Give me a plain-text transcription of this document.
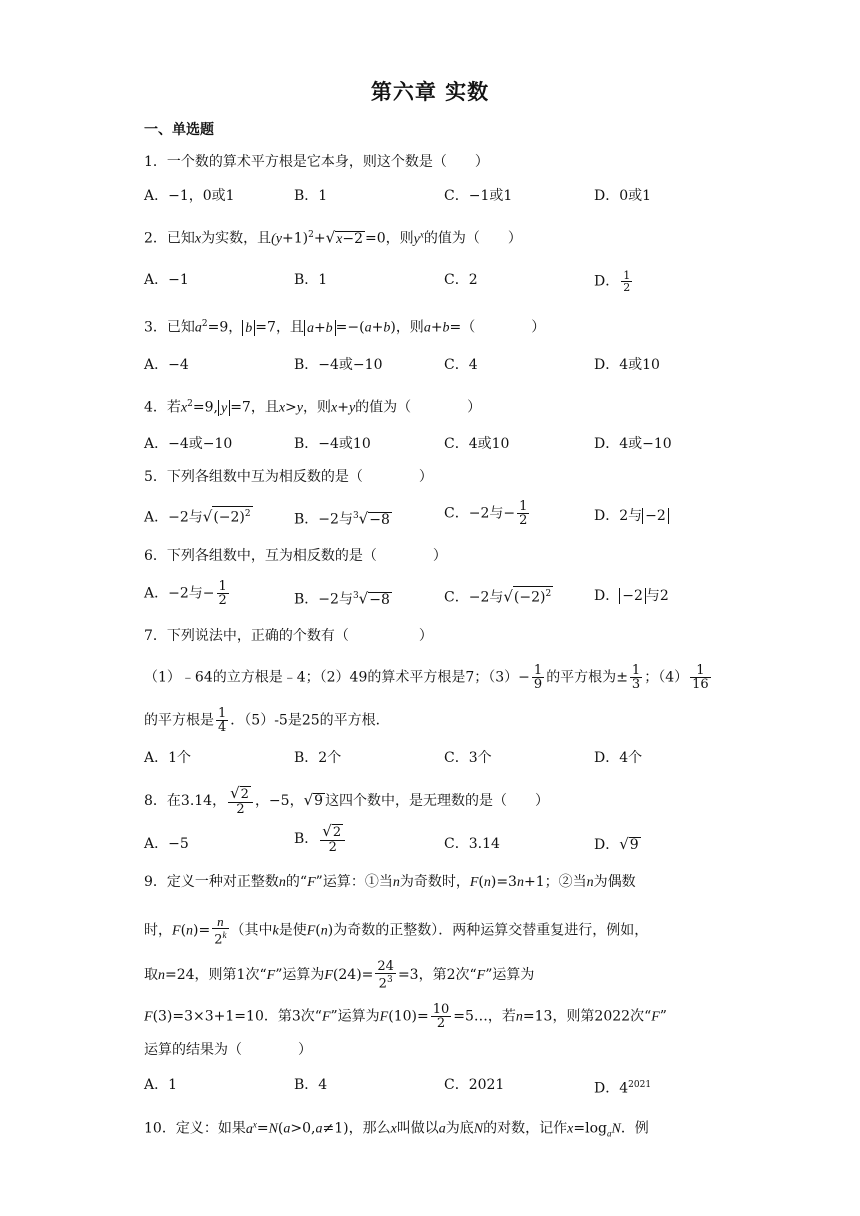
第六章 实数
一、单选题
1．一个数的算术平方根是它本身，则这个数是（　　）
A．−1，0或1	B．1	C．−1或1	D．0或1
2．已知x为实数，且$(y+1)^2+√x-2 =0$，则$y^x$的值为（　　）
A．−1	B．1	C．2	D． $\frac{1}{2}$
3．已知$a^2=9$， b =7，且 a+b =−(a+b)，则a+b=（　　　　）
A．−4	B．−4或−10	C．4	D．4或10
4．若$x^2=9$, y =7，且x>y，则x+y的值为（　　　　）
A．−4或−10	B．−4或10	C．4或10	D．4或−10
5．下列各组数中互为相反数的是（　　　　）
A．−2与$√(-2)^2$	B．−2与$^3$√−8	C．−2与− $\frac{1}{2}$	D．2与 −2
6．下列各组数中，互为相反数的是（　　　　）
A．−2与− $\frac{1}{2}$	B．−2与$^3$√−8	C．−2与$√(-2)^2$	D． −2 与2
7．下列说法中，正确的个数有（　　　　　）
（1）﹣64的立方根是﹣4；（2）49的算术平方根是7；$(3)- \frac{1}{9}$ 的平方根为± $\frac{1}{3}$ ；$(4) \frac{1}{16}$
的平方根是 $\frac{1}{4}$ ．（5）-5是25的平方根．
A．1个	B．2个	C．3个	D．4个
8．在3.14， $\frac{√2}{2}$ ，−5，√9 这四个数中，是无理数的是（　　）
A．−5	B． $\frac{√2}{2}$	C．3.14	D．√9
9．定义一种对正整数n的“F”运算：①当n为奇数时，F(n)=3n+1；②当n为偶数
时，$F(n)= \frac{n}{2^k}$ （其中k是使F(n)为奇数的正整数）．两种运算交替重复进行，例如，
取n=24，则第1次“F”运算为$F(24)= \frac{24}{2^3} =3$，第2次“F”运算为
F(3)=3×3+1=10．第3次“F”运算为$F(10)= \frac{10}{2}$ =5…，若n=13，则第2022次“F”
运算的结果为（　　　　）
A．1	B．4	C．2021	D．$4^{2021}$
10．定义：如果$a^x=N(a>0,a\ne 1)$，那么x叫做以a为底N的对数，记作$x=\log_aN$．例
